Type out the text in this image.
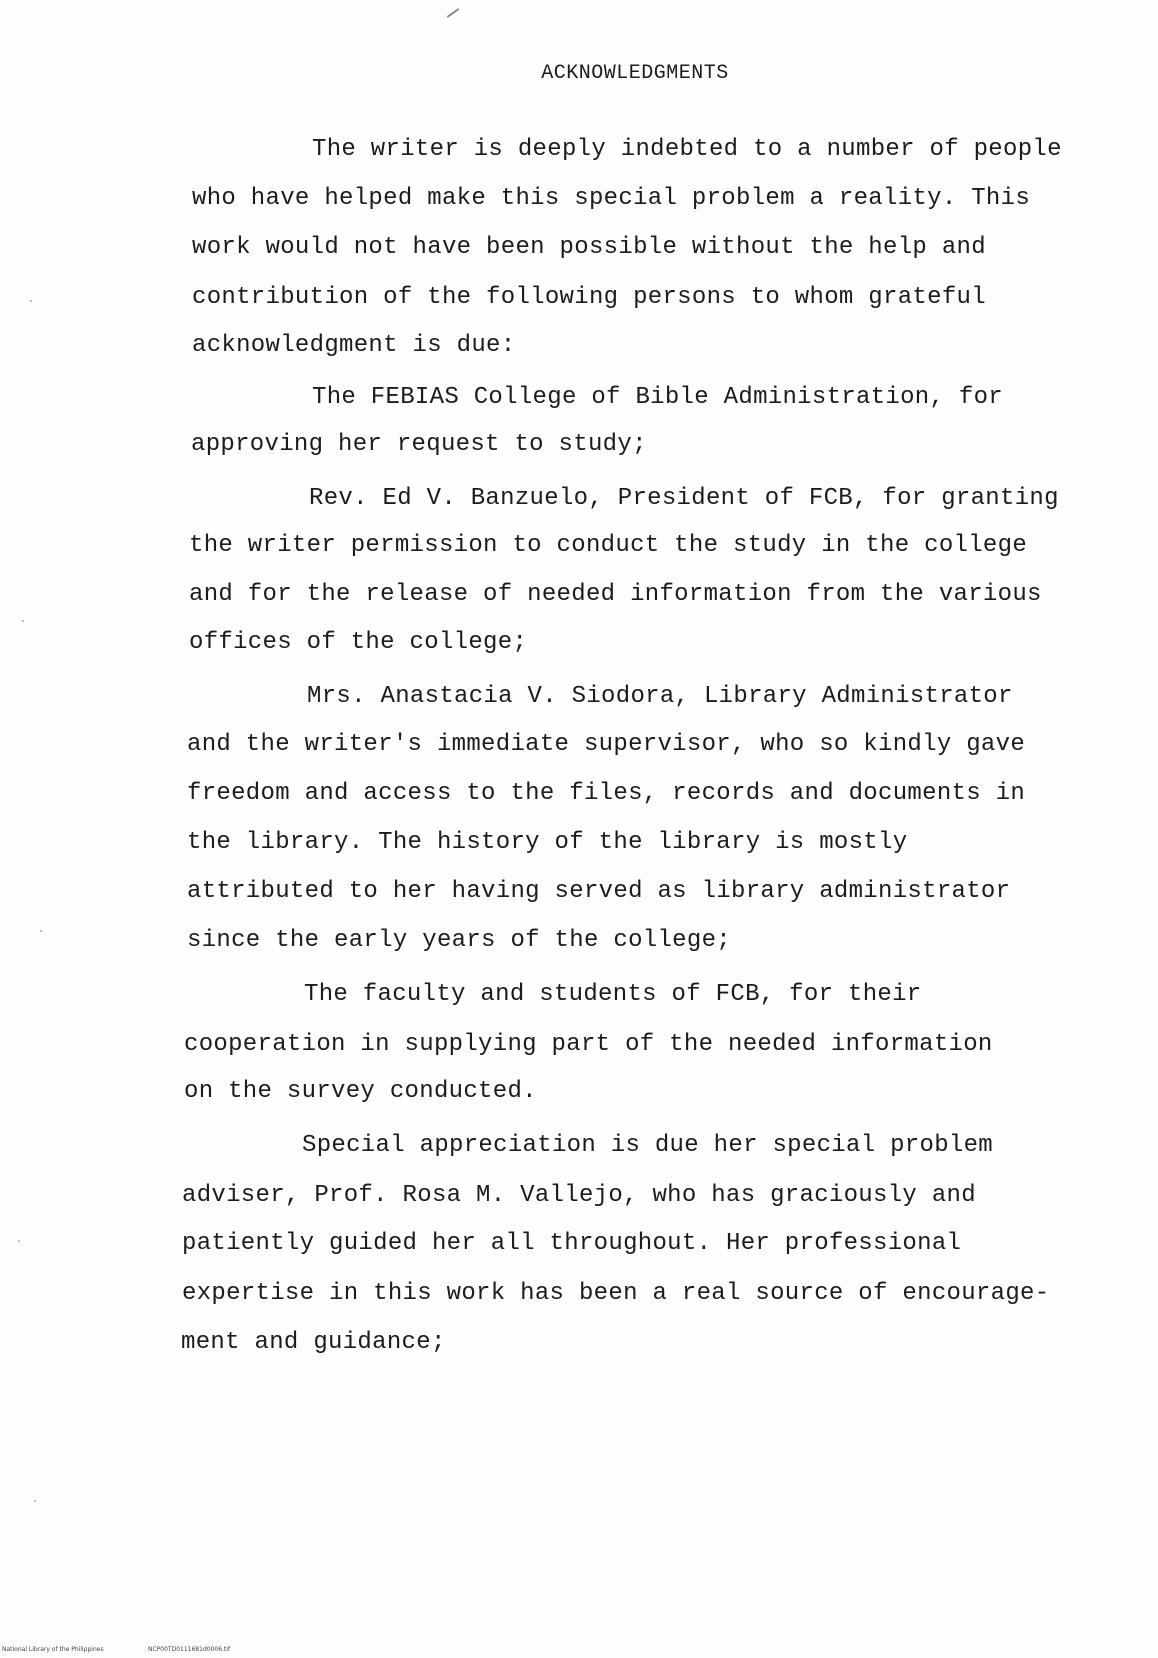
ACKNOWLEDGMENTS
The writer is deeply indebted to a number of people
who have helped make this special problem a reality. This
work would not have been possible without the help and
contribution of the following persons to whom grateful
acknowledgment is due:
The FEBIAS College of Bible Administration, for
approving her request to study;
Rev. Ed V. Banzuelo, President of FCB, for granting
the writer permission to conduct the study in the college
and for the release of needed information from the various
offices of the college;
Mrs. Anastacia V. Siodora, Library Administrator
and the writer's immediate supervisor, who so kindly gave
freedom and access to the files, records and documents in
the library. The history of the library is mostly
attributed to her having served as library administrator
since the early years of the college;
The faculty and students of FCB, for their
cooperation in supplying part of the needed information
on the survey conducted.
Special appreciation is due her special problem
adviser, Prof. Rosa M. Vallejo, who has graciously and
patiently guided her all throughout. Her professional
expertise in this work has been a real source of encourage-
ment and guidance;
National Library of the Philippines	NCP00TD0111681d0006.tif
